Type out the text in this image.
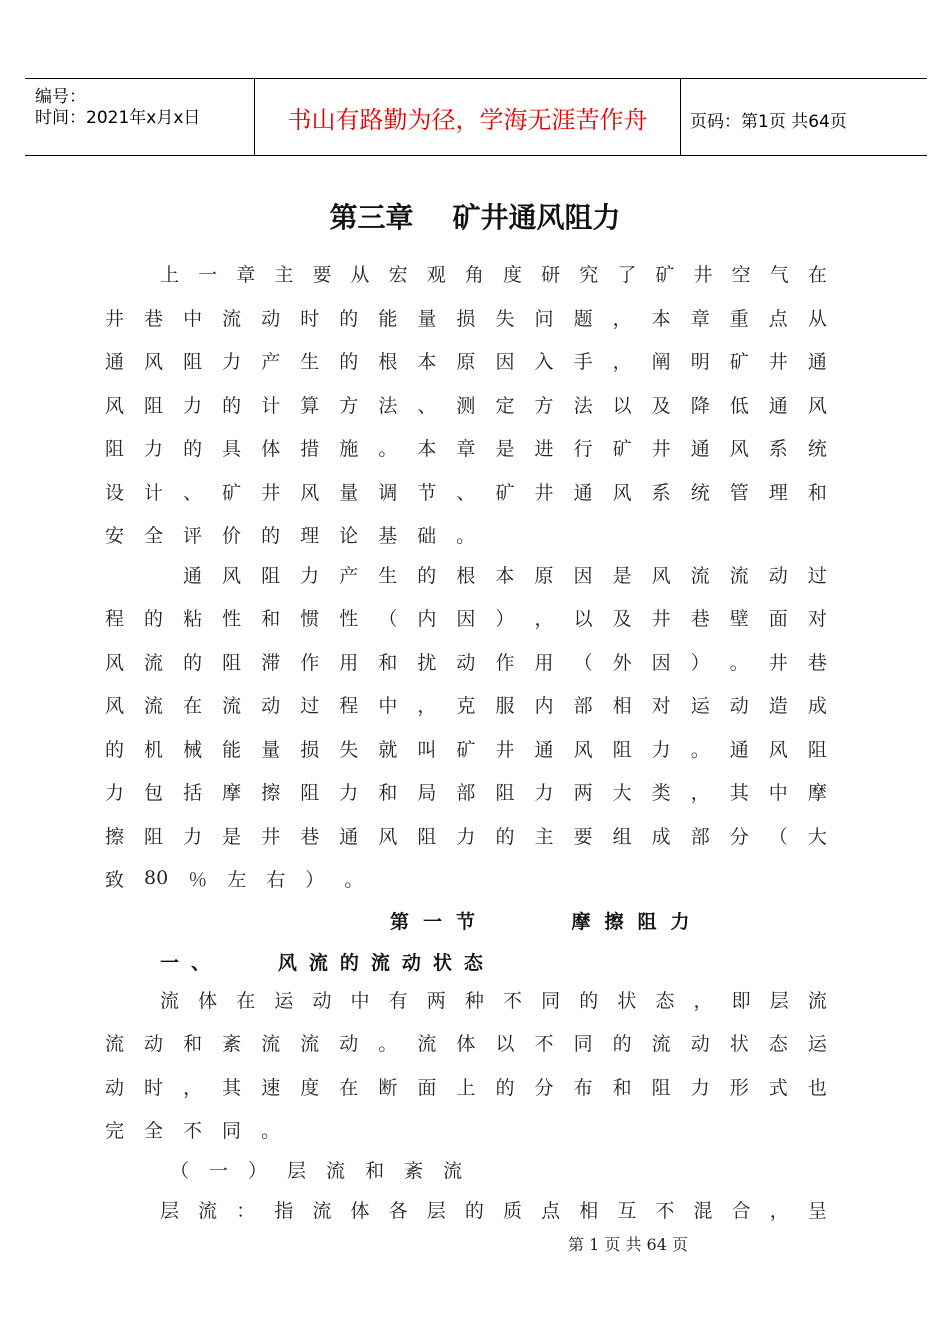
编号：
时间：2021年x月x日	书山有路勤为径，学海无涯苦作舟	页码：第1页 共64页
第三章    矿井通风阻力
上 一 章 主 要 从 宏 观 角 度 研 究 了 矿 井 空 气 在
井 巷 中 流 动 时 的 能 量 损 失 问 题 ， 本 章 重 点 从
通 风 阻 力 产 生 的 根 本 原 因 入 手 ， 阐 明 矿 井 通
风 阻 力 的 计 算 方 法 、 测 定 方 法 以 及 降 低 通 风
阻 力 的 具 体 措 施 。 本 章 是 进 行 矿 井 通 风 系 统
设 计 、 矿 井 风 量 调 节 、 矿 井 通 风 系 统 管 理 和
安 全 评 价 的 理 论 基 础 。
通 风 阻 力 产 生 的 根 本 原 因 是 风 流 流 动 过
程 的 粘 性 和 惯 性 （ 内 因 ） ， 以 及 井 巷 壁 面 对
风 流 的 阻 滞 作 用 和 扰 动 作 用 （ 外 因 ） 。 井 巷
风 流 在 流 动 过 程 中 ， 克 服 内 部 相 对 运 动 造 成
的 机 械 能 量 损 失 就 叫 矿 井 通 风 阻 力 。 通 风 阻
力 包 括 摩 擦 阻 力 和 局 部 阻 力 两 大 类 ， 其 中 摩
擦 阻 力 是 井 巷 通 风 阻 力 的 主 要 组 成 部 分 （ 大
致 80 ％ 左 右 ） 。
流 体 在 运 动 中 有 两 种 不 同 的 状 态 ， 即 层 流
流 动 和 紊 流 流 动 。 流 体 以 不 同 的 流 动 状 态 运
动 时 ， 其 速 度 在 断 面 上 的 分 布 和 阻 力 形 式 也
完 全 不 同 。
（ 一 ） 层 流 和 紊 流
层 流 ： 指 流 体 各 层 的 质 点 相 互 不 混 合 ， 呈
第一节    摩擦阻力
一、   风流的流动状态
第 1 页 共 64 页
